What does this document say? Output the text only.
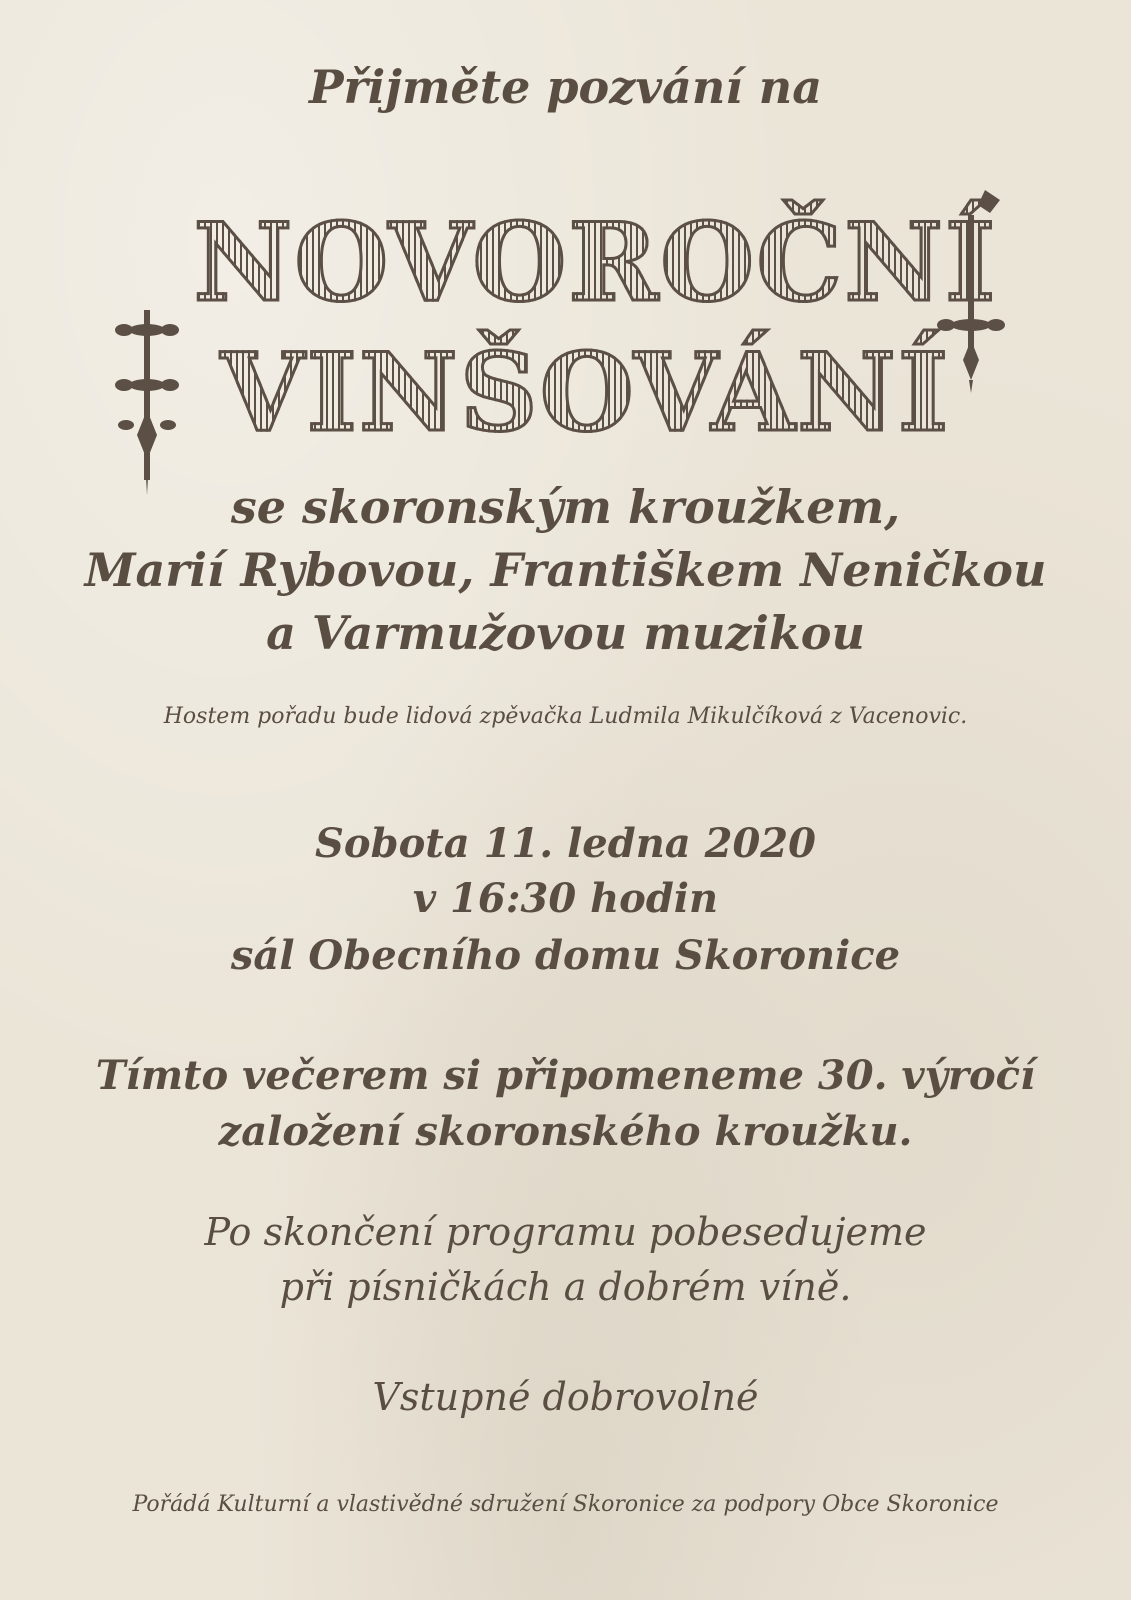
Přijměte pozvání na
NOVOROČNÍ
VINŠOVÁNÍ
se skoronským kroužkem,
Marií Rybovou, Františkem Neničkou
a Varmužovou muzikou
Hostem pořadu bude lidová zpěvačka Ludmila Mikulčíková z Vacenovic.
Sobota 11. ledna 2020
v 16:30 hodin
sál Obecního domu Skoronice
Tímto večerem si připomeneme 30. výročí
založení skoronského kroužku.
Po skončení programu pobesedujeme
při písničkách a dobrém víně.
Vstupné dobrovolné
Pořádá Kulturní a vlastivědné sdružení Skoronice za podpory Obce Skoronice
